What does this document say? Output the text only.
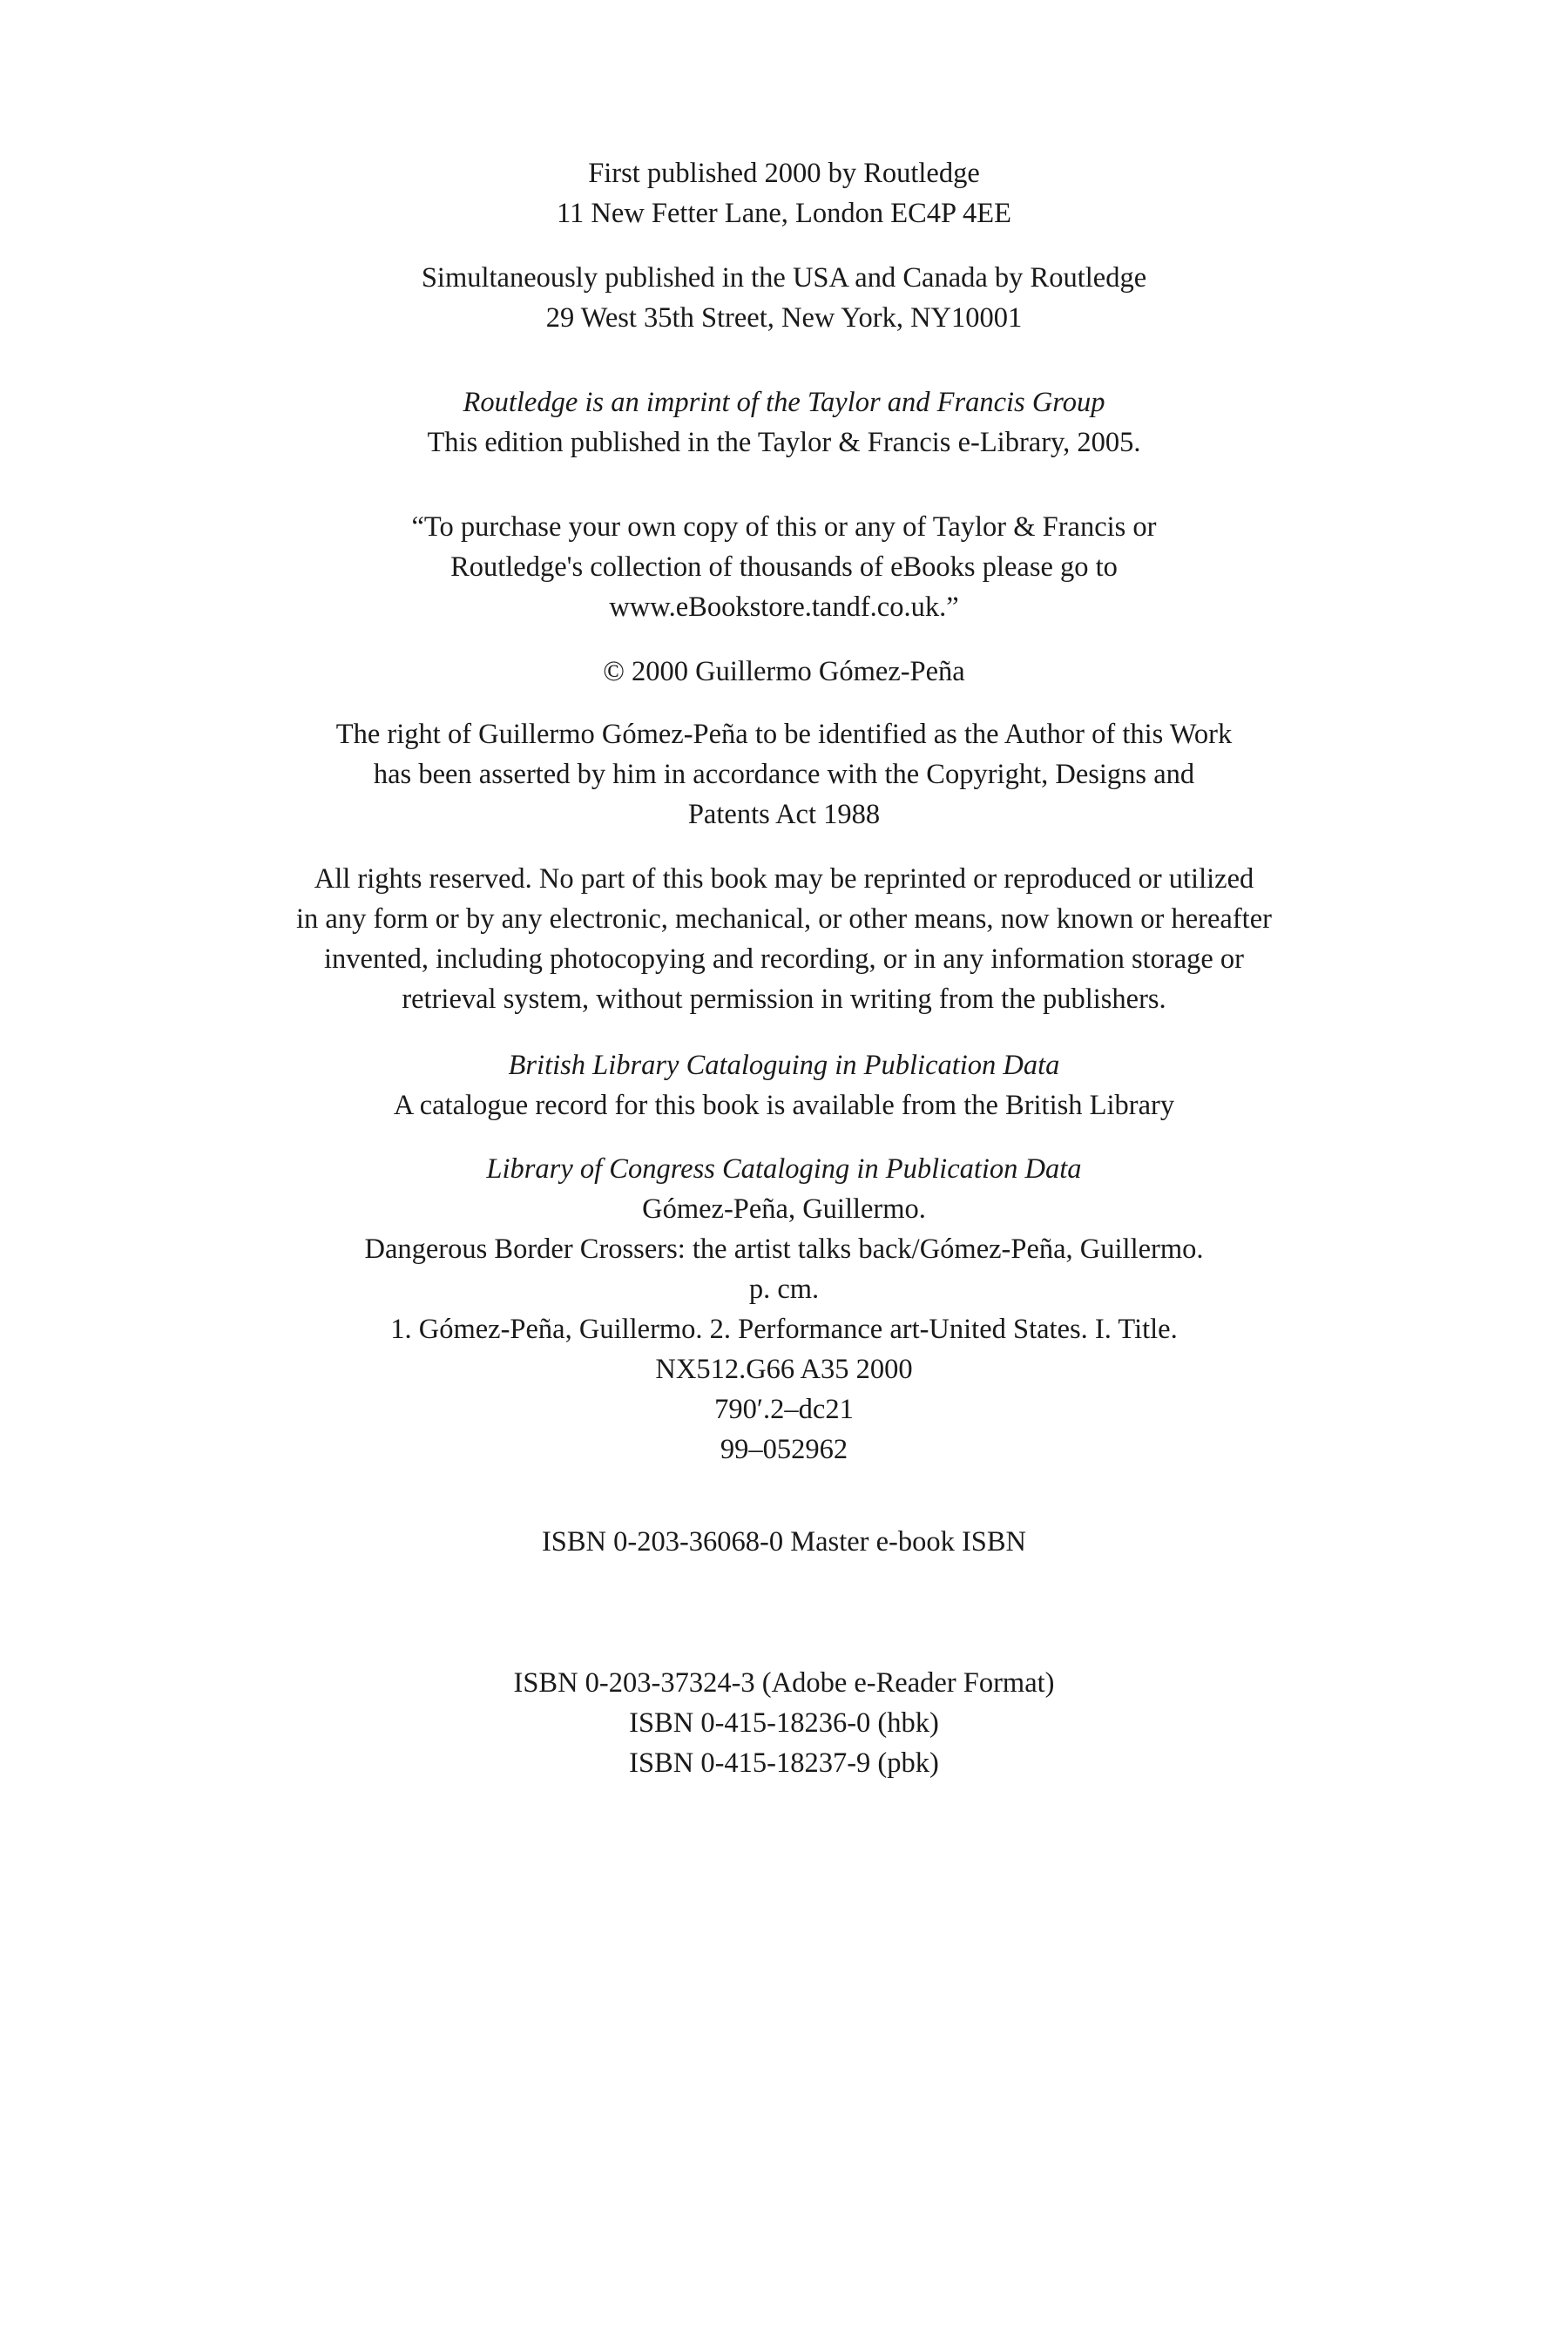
First published 2000 by Routledge
11 New Fetter Lane, London EC4P 4EE
Simultaneously published in the USA and Canada by Routledge
29 West 35th Street, New York, NY10001
Routledge is an imprint of the Taylor and Francis Group
This edition published in the Taylor & Francis e-Library, 2005.
“To purchase your own copy of this or any of Taylor & Francis or
Routledge's collection of thousands of eBooks please go to
www.eBookstore.tandf.co.uk.”
© 2000 Guillermo Gómez-Peña
The right of Guillermo Gómez-Peña to be identified as the Author of this Work
has been asserted by him in accordance with the Copyright, Designs and
Patents Act 1988
All rights reserved. No part of this book may be reprinted or reproduced or utilized
in any form or by any electronic, mechanical, or other means, now known or hereafter
invented, including photocopying and recording, or in any information storage or
retrieval system, without permission in writing from the publishers.
British Library Cataloguing in Publication Data
A catalogue record for this book is available from the British Library
Library of Congress Cataloging in Publication Data
Gómez-Peña, Guillermo.
Dangerous Border Crossers: the artist talks back/Gómez-Peña, Guillermo.
p. cm.
1. Gómez-Peña, Guillermo. 2. Performance art-United States. I. Title.
NX512.G66 A35 2000
790′.2–dc21
99–052962
ISBN 0-203-36068-0 Master e-book ISBN
ISBN 0-203-37324-3 (Adobe e-Reader Format)
ISBN 0-415-18236-0 (hbk)
ISBN 0-415-18237-9 (pbk)
